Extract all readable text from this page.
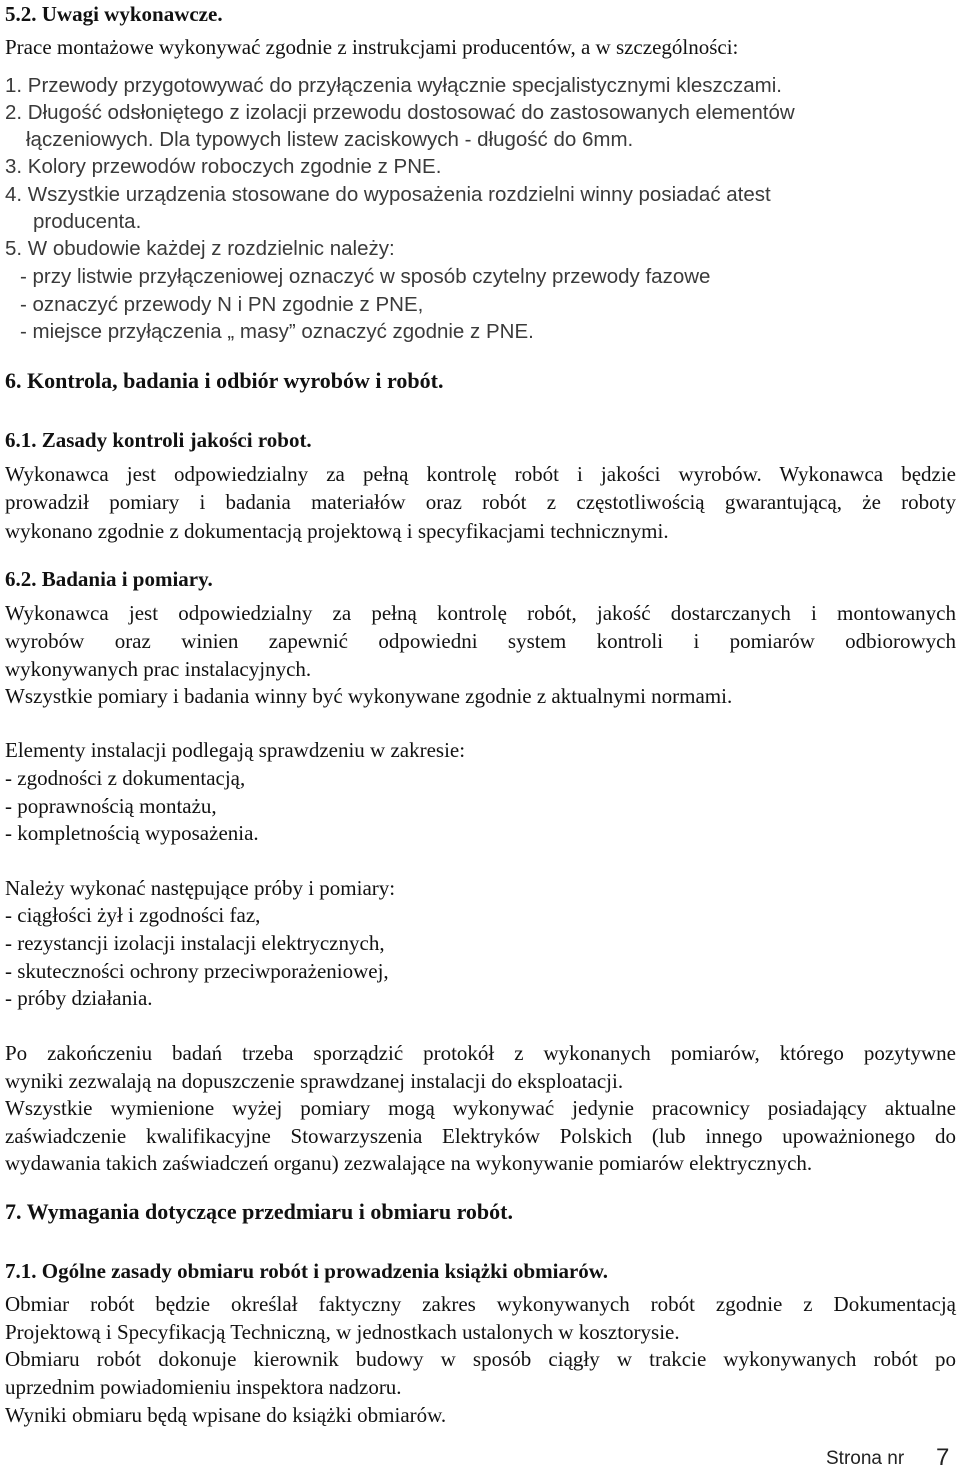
5.2. Uwagi wykonawcze.
Prace montażowe wykonywać zgodnie z instrukcjami producentów, a w szczególności:
1. Przewody przygotowywać do przyłączenia wyłącznie specjalistycznymi kleszczami.
2. Długość odsłoniętego z izolacji przewodu dostosować do zastosowanych elementów
łączeniowych. Dla typowych listew zaciskowych - długość do 6mm.
3. Kolory przewodów roboczych zgodnie z PNE.
4. Wszystkie urządzenia stosowane do wyposażenia rozdzielni winny posiadać atest
producenta.
5. W obudowie każdej z rozdzielnic należy:
- przy listwie przyłączeniowej oznaczyć w sposób czytelny przewody fazowe
- oznaczyć przewody N i PN zgodnie z PNE,
- miejsce przyłączenia „ masy” oznaczyć zgodnie z PNE.
6. Kontrola, badania i odbiór wyrobów i robót.
6.1. Zasady kontroli jakości robot.
Wykonawca jest odpowiedzialny za pełną kontrolę robót i jakości wyrobów. Wykonawca będzie
prowadził pomiary i badania materiałów oraz robót z częstotliwością gwarantującą, że roboty
wykonano zgodnie z dokumentacją projektową i specyfikacjami technicznymi.
6.2. Badania i pomiary.
Wykonawca jest odpowiedzialny za pełną kontrolę robót, jakość dostarczanych i montowanych
wyrobów oraz winien zapewnić odpowiedni system kontroli i pomiarów odbiorowych
wykonywanych prac instalacyjnych.
Wszystkie pomiary i badania winny być wykonywane zgodnie z aktualnymi normami.
Elementy instalacji podlegają sprawdzeniu w zakresie:
- zgodności z dokumentacją,
- poprawnością montażu,
- kompletnością wyposażenia.
Należy wykonać następujące próby i pomiary:
- ciągłości żył i zgodności faz,
- rezystancji izolacji instalacji elektrycznych,
- skuteczności ochrony przeciwporażeniowej,
- próby działania.
Po zakończeniu badań trzeba sporządzić protokół z wykonanych pomiarów, którego pozytywne
wyniki zezwalają na dopuszczenie sprawdzanej instalacji do eksploatacji.
Wszystkie wymienione wyżej pomiary mogą wykonywać jedynie pracownicy posiadający aktualne
zaświadczenie kwalifikacyjne Stowarzyszenia Elektryków Polskich (lub innego upoważnionego do
wydawania takich zaświadczeń organu) zezwalające na wykonywanie pomiarów elektrycznych.
7. Wymagania dotyczące przedmiaru i obmiaru robót.
7.1. Ogólne zasady obmiaru robót i prowadzenia książki obmiarów.
Obmiar robót będzie określał faktyczny zakres wykonywanych robót zgodnie z Dokumentacją
Projektową i Specyfikacją Techniczną, w jednostkach ustalonych w kosztorysie.
Obmiaru robót dokonuje kierownik budowy w sposób ciągły w trakcie wykonywanych robót po
uprzednim powiadomieniu inspektora nadzoru.
Wyniki obmiaru będą wpisane do książki obmiarów.
Strona nr 7
